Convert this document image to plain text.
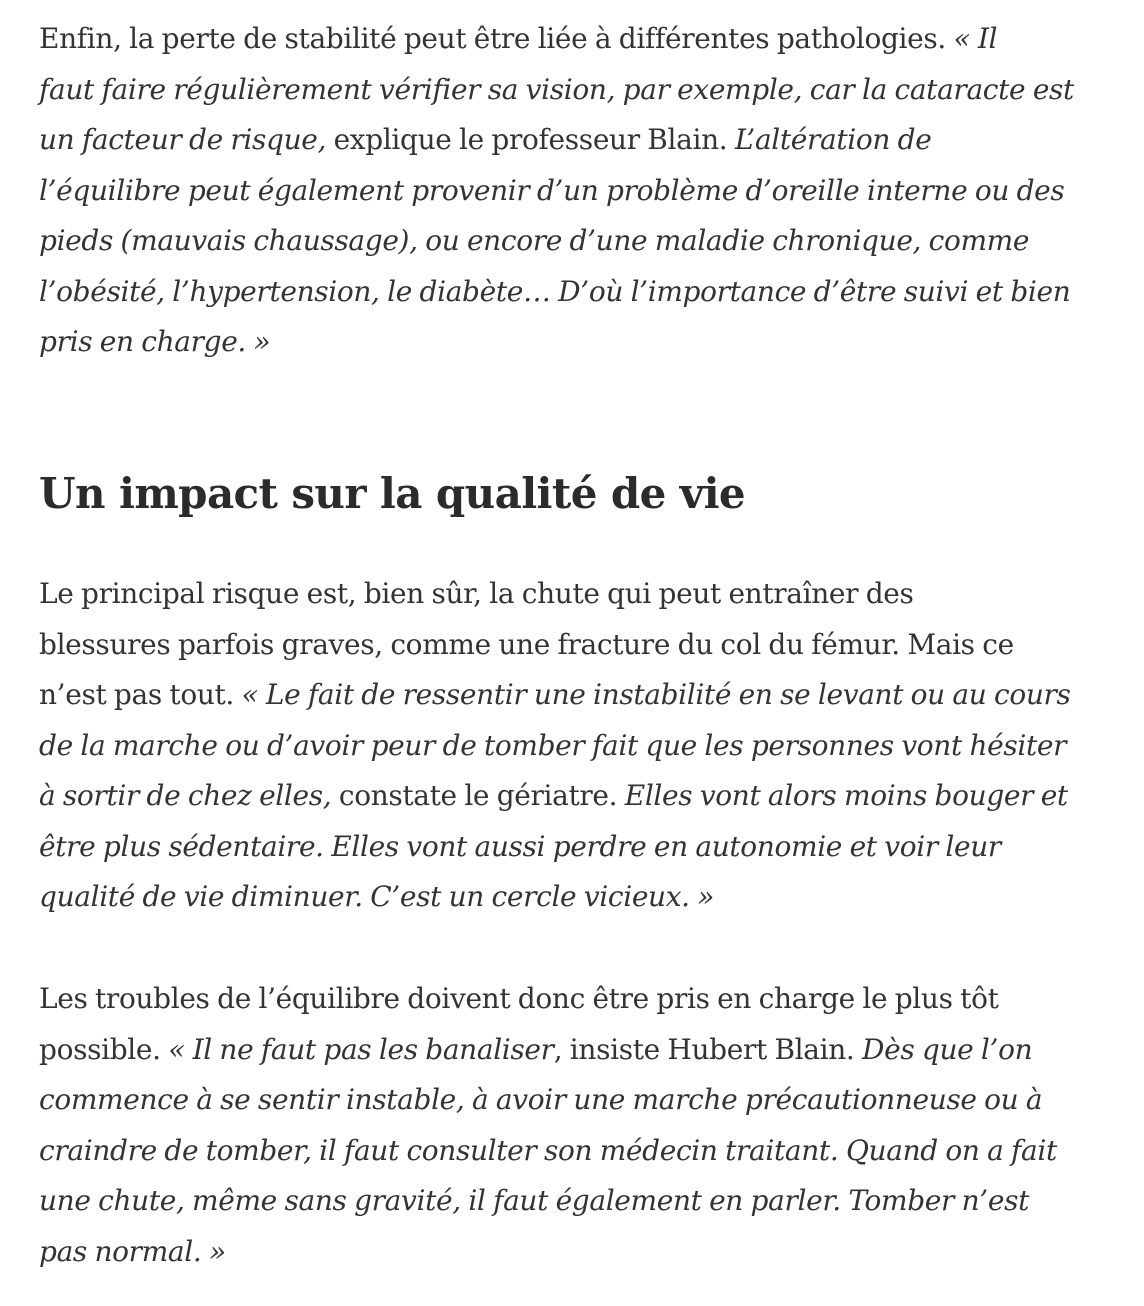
Enfin, la perte de stabilité peut être liée à différentes pathologies. « Il
faut faire régulièrement vérifier sa vision, par exemple, car la cataracte est
un facteur de risque, explique le professeur Blain. L’altération de
l’équilibre peut également provenir d’un problème d’oreille interne ou des
pieds (mauvais chaussage), ou encore d’une maladie chronique, comme
l’obésité, l’hypertension, le diabète… D’où l’importance d’être suivi et bien
pris en charge. »

Un impact sur la qualité de vie

Le principal risque est, bien sûr, la chute qui peut entraîner des
blessures parfois graves, comme une fracture du col du fémur. Mais ce
n’est pas tout. « Le fait de ressentir une instabilité en se levant ou au cours
de la marche ou d’avoir peur de tomber fait que les personnes vont hésiter
à sortir de chez elles, constate le gériatre. Elles vont alors moins bouger et
être plus sédentaire. Elles vont aussi perdre en autonomie et voir leur
qualité de vie diminuer. C’est un cercle vicieux. »

Les troubles de l’équilibre doivent donc être pris en charge le plus tôt
possible. « Il ne faut pas les banaliser, insiste Hubert Blain. Dès que l’on
commence à se sentir instable, à avoir une marche précautionneuse ou à
craindre de tomber, il faut consulter son médecin traitant. Quand on a fait
une chute, même sans gravité, il faut également en parler. Tomber n’est
pas normal. »
